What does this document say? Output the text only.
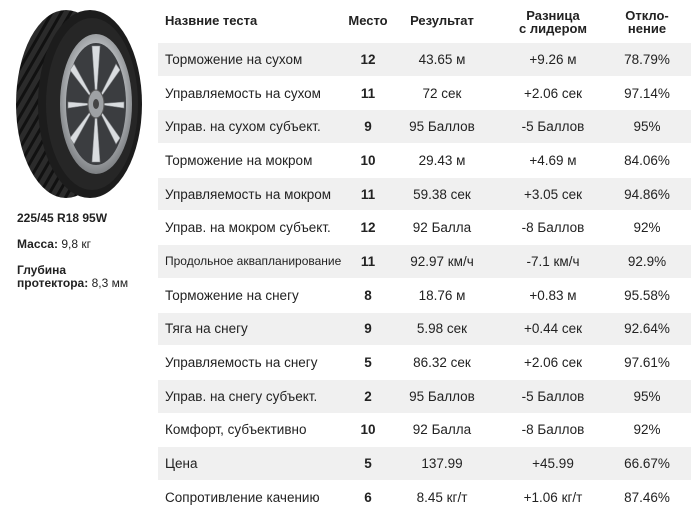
225/45 R18 95W
Масса: 9,8 кг
Глубина
протектора: 8,3 мм
Назвние теста	Место	Результат	Разница
с лидером
Откло-
нение
Торможение на сухом	12	43.65 м	+9.26 м	78.79%
Управляемость на сухом	11	72 сек	+2.06 сек	97.14%
Управ. на сухом субъект.	9	95 Баллов	-5 Баллов	95%
Торможение на мокром	10	29.43 м	+4.69 м	84.06%
Управляемость на мокром	11	59.38 сек	+3.05 сек	94.86%
Управ. на мокром субъект.	12	92 Балла	-8 Баллов	92%
Продольное аквапланирование	11	92.97 км/ч	-7.1 км/ч	92.9%
Торможение на снегу	8	18.76 м	+0.83 м	95.58%
Тяга на снегу	9	5.98 сек	+0.44 сек	92.64%
Управляемость на снегу	5	86.32 сек	+2.06 сек	97.61%
Управ. на снегу субъект.	2	95 Баллов	-5 Баллов	95%
Комфорт, субъективно	10	92 Балла	-8 Баллов	92%
Цена	5	137.99	+45.99	66.67%
Сопротивление качению	6	8.45 кг/т	+1.06 кг/т	87.46%
